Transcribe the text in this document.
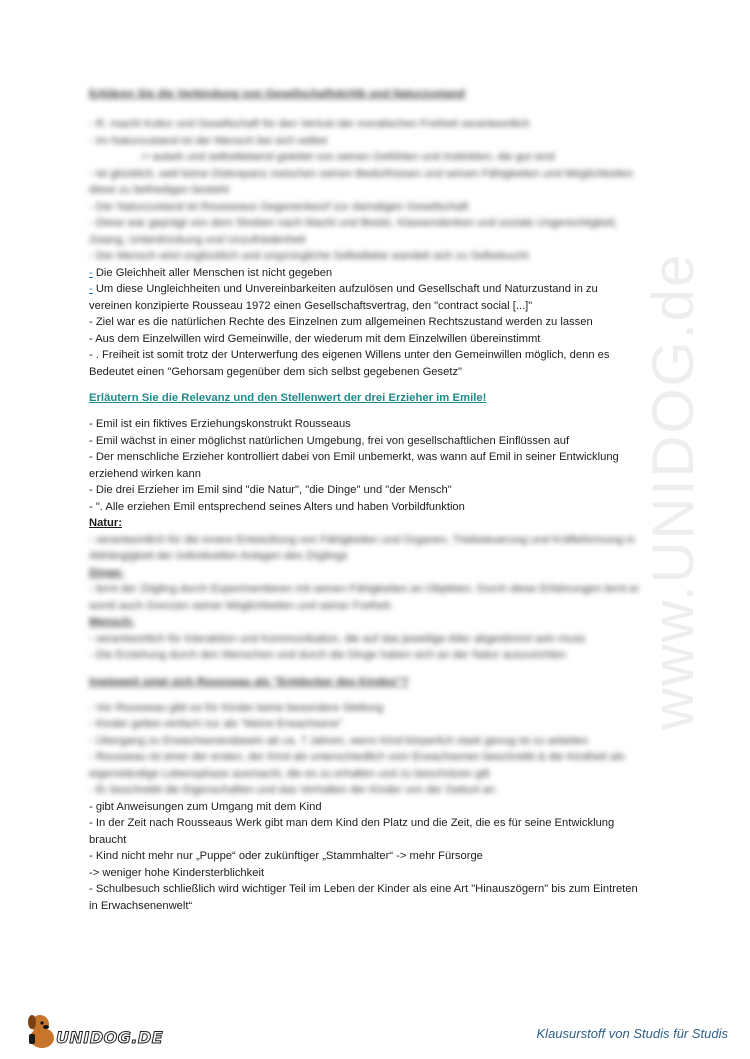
www.UNIDOG.de

Erklären Sie die Verbindung von Gesellschaftskritik und Naturzustand

- R. macht Kultur und Gesellschaft für den Verlust der moralischen Freiheit verantwortlich

- Im Naturzustand ist der Mensch bei sich selbst

-> autark und selbstliebend geleitet von seinen Gefühlen und Instinkten, die gut sind

- ist glücklich, weil keine Diskrepanz zwischen seinen Bedürfnissen und seinen Fähigkeiten und Möglichkeiten

diese zu befriedigen besteht

- Der Naturzustand ist Rousseaus Gegenentwurf zur damaligen Gesellschaft

- Diese war geprägt von dem Streben nach Macht und Besitz, Klassendenken und soziale Ungerechtigkeit,

Zwang, Unterdrückung und Unzufriedenheit

- Der Mensch wird unglücklich und ursprüngliche Selbstliebe wandelt sich zu Selbstsucht

- Die Gleichheit aller Menschen ist nicht gegeben

- Um diese Ungleichheiten und Unvereinbarkeiten aufzulösen und Gesellschaft und Naturzustand in zu

vereinen konzipierte Rousseau 1972 einen Gesellschaftsvertrag, den "contract social [...]"

- Ziel war es die natürlichen Rechte des Einzelnen zum allgemeinen Rechtszustand werden zu lassen

- Aus dem Einzelwillen wird Gemeinwille, der wiederum mit dem Einzelwillen übereinstimmt

- . Freiheit ist somit trotz der Unterwerfung des eigenen Willens unter den Gemeinwillen möglich, denn es

Bedeutet einen "Gehorsam gegenüber dem sich selbst gegebenen Gesetz"

Erläutern Sie die Relevanz und den Stellenwert der drei Erzieher im Emile!

- Emil ist ein fiktives Erziehungskonstrukt Rousseaus

- Emil wächst in einer möglichst natürlichen Umgebung, frei von gesellschaftlichen Einflüssen auf

- Der menschliche Erzieher kontrolliert dabei von Emil unbemerkt, was wann auf Emil in seiner Entwicklung

erziehend wirken kann

- Die drei Erzieher im Emil sind "die Natur", "die Dinge" und "der Mensch"

- ". Alle erziehen Emil entsprechend seines Alters und haben Vorbildfunktion

Natur:

- verantwortlich für die innere Entwicklung von Fähigkeiten und Organen, Triebsteuerung und Kräfteformung in

Abhängigkeit der individuellen Anlagen des Zöglings

Dinge:

- lernt der Zögling durch Experimentieren mit seinen Fähigkeiten an Objekten. Durch diese Erfahrungen lernt er

somit auch Grenzen seiner Möglichkeiten und seiner Freiheit.

Mensch:

- verantwortlich für Interaktion und Kommunikation, die auf das jeweilige Alter abgestimmt sein muss

- Die Erziehung durch den Menschen und durch die Dinge haben sich an der Natur auszurichten

Inwieweit zeigt sich Rousseau als "Entdecker des Kindes"?

- Vor Rousseau gibt es für Kinder keine besondere Stellung

- Kinder gelten einfach nur als "kleine Erwachsene"

- Übergang zu Erwachsenendasein ab ca. 7 Jahren, wenn Kind körperlich stark genug ist zu arbeiten

- Rousseau ist einer der ersten, der Kind als unterschiedlich vom Erwachsenen beschreibt & die Kindheit als

eigenständige Lebensphase ausmacht, die es zu erhalten und zu beschützen gilt

- Er beschreibt die Eigenschaften und das Verhalten der Kinder von der Geburt an

- gibt Anweisungen zum Umgang mit dem Kind

- In der Zeit nach Rousseaus Werk gibt man dem Kind den Platz und die Zeit, die es für seine Entwicklung

braucht

- Kind nicht mehr nur „Puppe“ oder zukünftiger „Stammhalter“ -> mehr Fürsorge

-> weniger hohe Kindersterblichkeit

- Schulbesuch schließlich wird wichtiger Teil im Leben der Kinder als eine Art "Hinauszögern" bis zum Eintreten

in Erwachsenenwelt“

UNIDOG.DE	Klausurstoff von Studis für Studis
